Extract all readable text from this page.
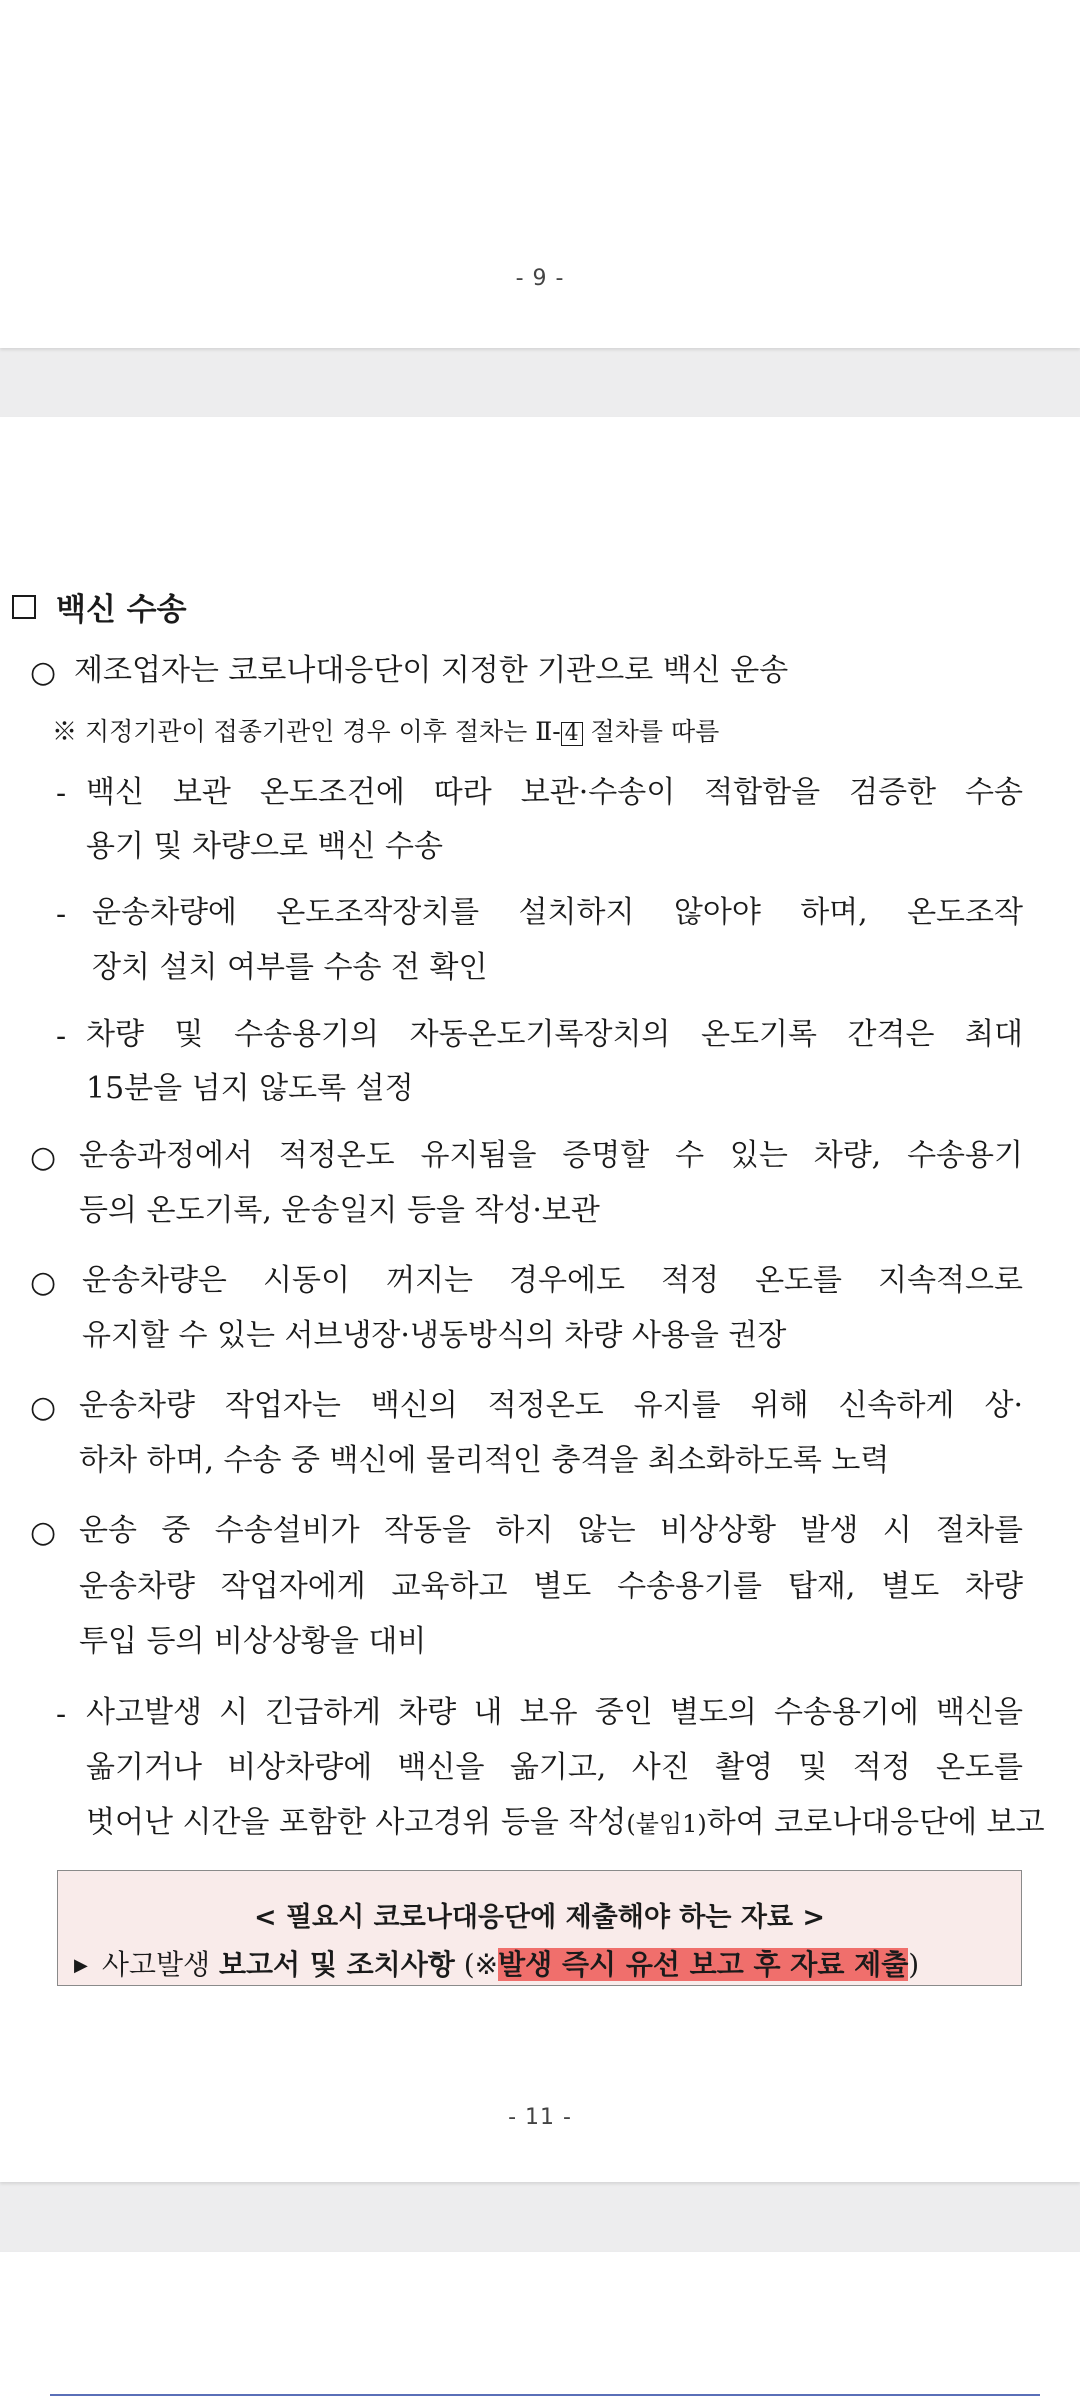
- 9 -
백신 수송
○ 제조업자는 코로나대응단이 지정한 기관으로 백신 운송
※ 지정기관이 접종기관인 경우 이후 절차는 Ⅱ- 4 절차를 따름
- 백신 보관 온도조건에 따라 보관·수송이 적합함을 검증한 수송
용기 및 차량으로 백신 수송
- 운송차량에 온도조작장치를 설치하지 않아야 하며, 온도조작
장치 설치 여부를 수송 전 확인
- 차량 및 수송용기의 자동온도기록장치의 온도기록 간격은 최대
15분을 넘지 않도록 설정
○ 운송과정에서 적정온도 유지됨을 증명할 수 있는 차량, 수송용기
등의 온도기록, 운송일지 등을 작성·보관
○ 운송차량은 시동이 꺼지는 경우에도 적정 온도를 지속적으로
유지할 수 있는 서브냉장·냉동방식의 차량 사용을 권장
○ 운송차량 작업자는 백신의 적정온도 유지를 위해 신속하게 상·
하차 하며, 수송 중 백신에 물리적인 충격을 최소화하도록 노력
○ 운송 중 수송설비가 작동을 하지 않는 비상상황 발생 시 절차를
운송차량 작업자에게 교육하고 별도 수송용기를 탑재, 별도 차량
투입 등의 비상상황을 대비
- 사고발생 시 긴급하게 차량 내 보유 중인 별도의 수송용기에 백신을
옮기거나 비상차량에 백신을 옮기고, 사진 촬영 및 적정 온도를
벗어난 시간을 포함한 사고경위 등을 작성(붙임1)하여 코로나대응단에 보고
< 필요시 코로나대응단에 제출해야 하는 자료 >
▶ 사고발생 보고서 및 조치사항 (※발생 즉시 유선 보고 후 자료 제출)
- 11 -
